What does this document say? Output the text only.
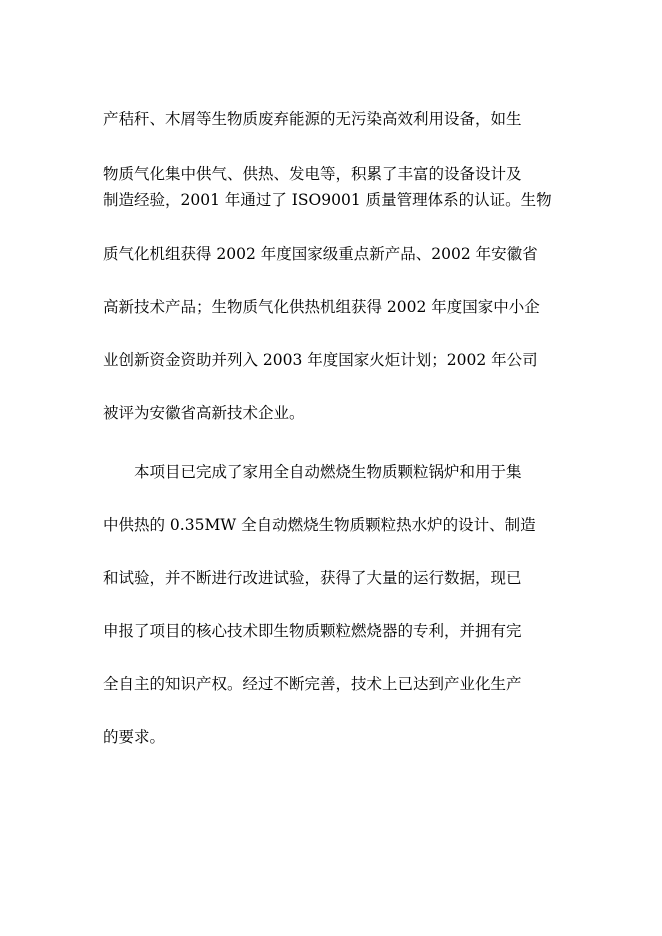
产秸秆、木屑等生物质废弃能源的无污染高效利用设备，如生
物质气化集中供气、供热、发电等，积累了丰富的设备设计及
制造经验，2001 年通过了 ISO9001 质量管理体系的认证。生物
质气化机组获得 2002 年度国家级重点新产品、2002 年安徽省
高新技术产品；生物质气化供热机组获得 2002 年度国家中小企
业创新资金资助并列入 2003 年度国家火炬计划；2002 年公司
被评为安徽省高新技术企业。
本项目已完成了家用全自动燃烧生物质颗粒锅炉和用于集
中供热的 0.35MW 全自动燃烧生物质颗粒热水炉的设计、制造
和试验，并不断进行改进试验，获得了大量的运行数据，现已
申报了项目的核心技术即生物质颗粒燃烧器的专利，并拥有完
全自主的知识产权。经过不断完善，技术上已达到产业化生产
的要求。
